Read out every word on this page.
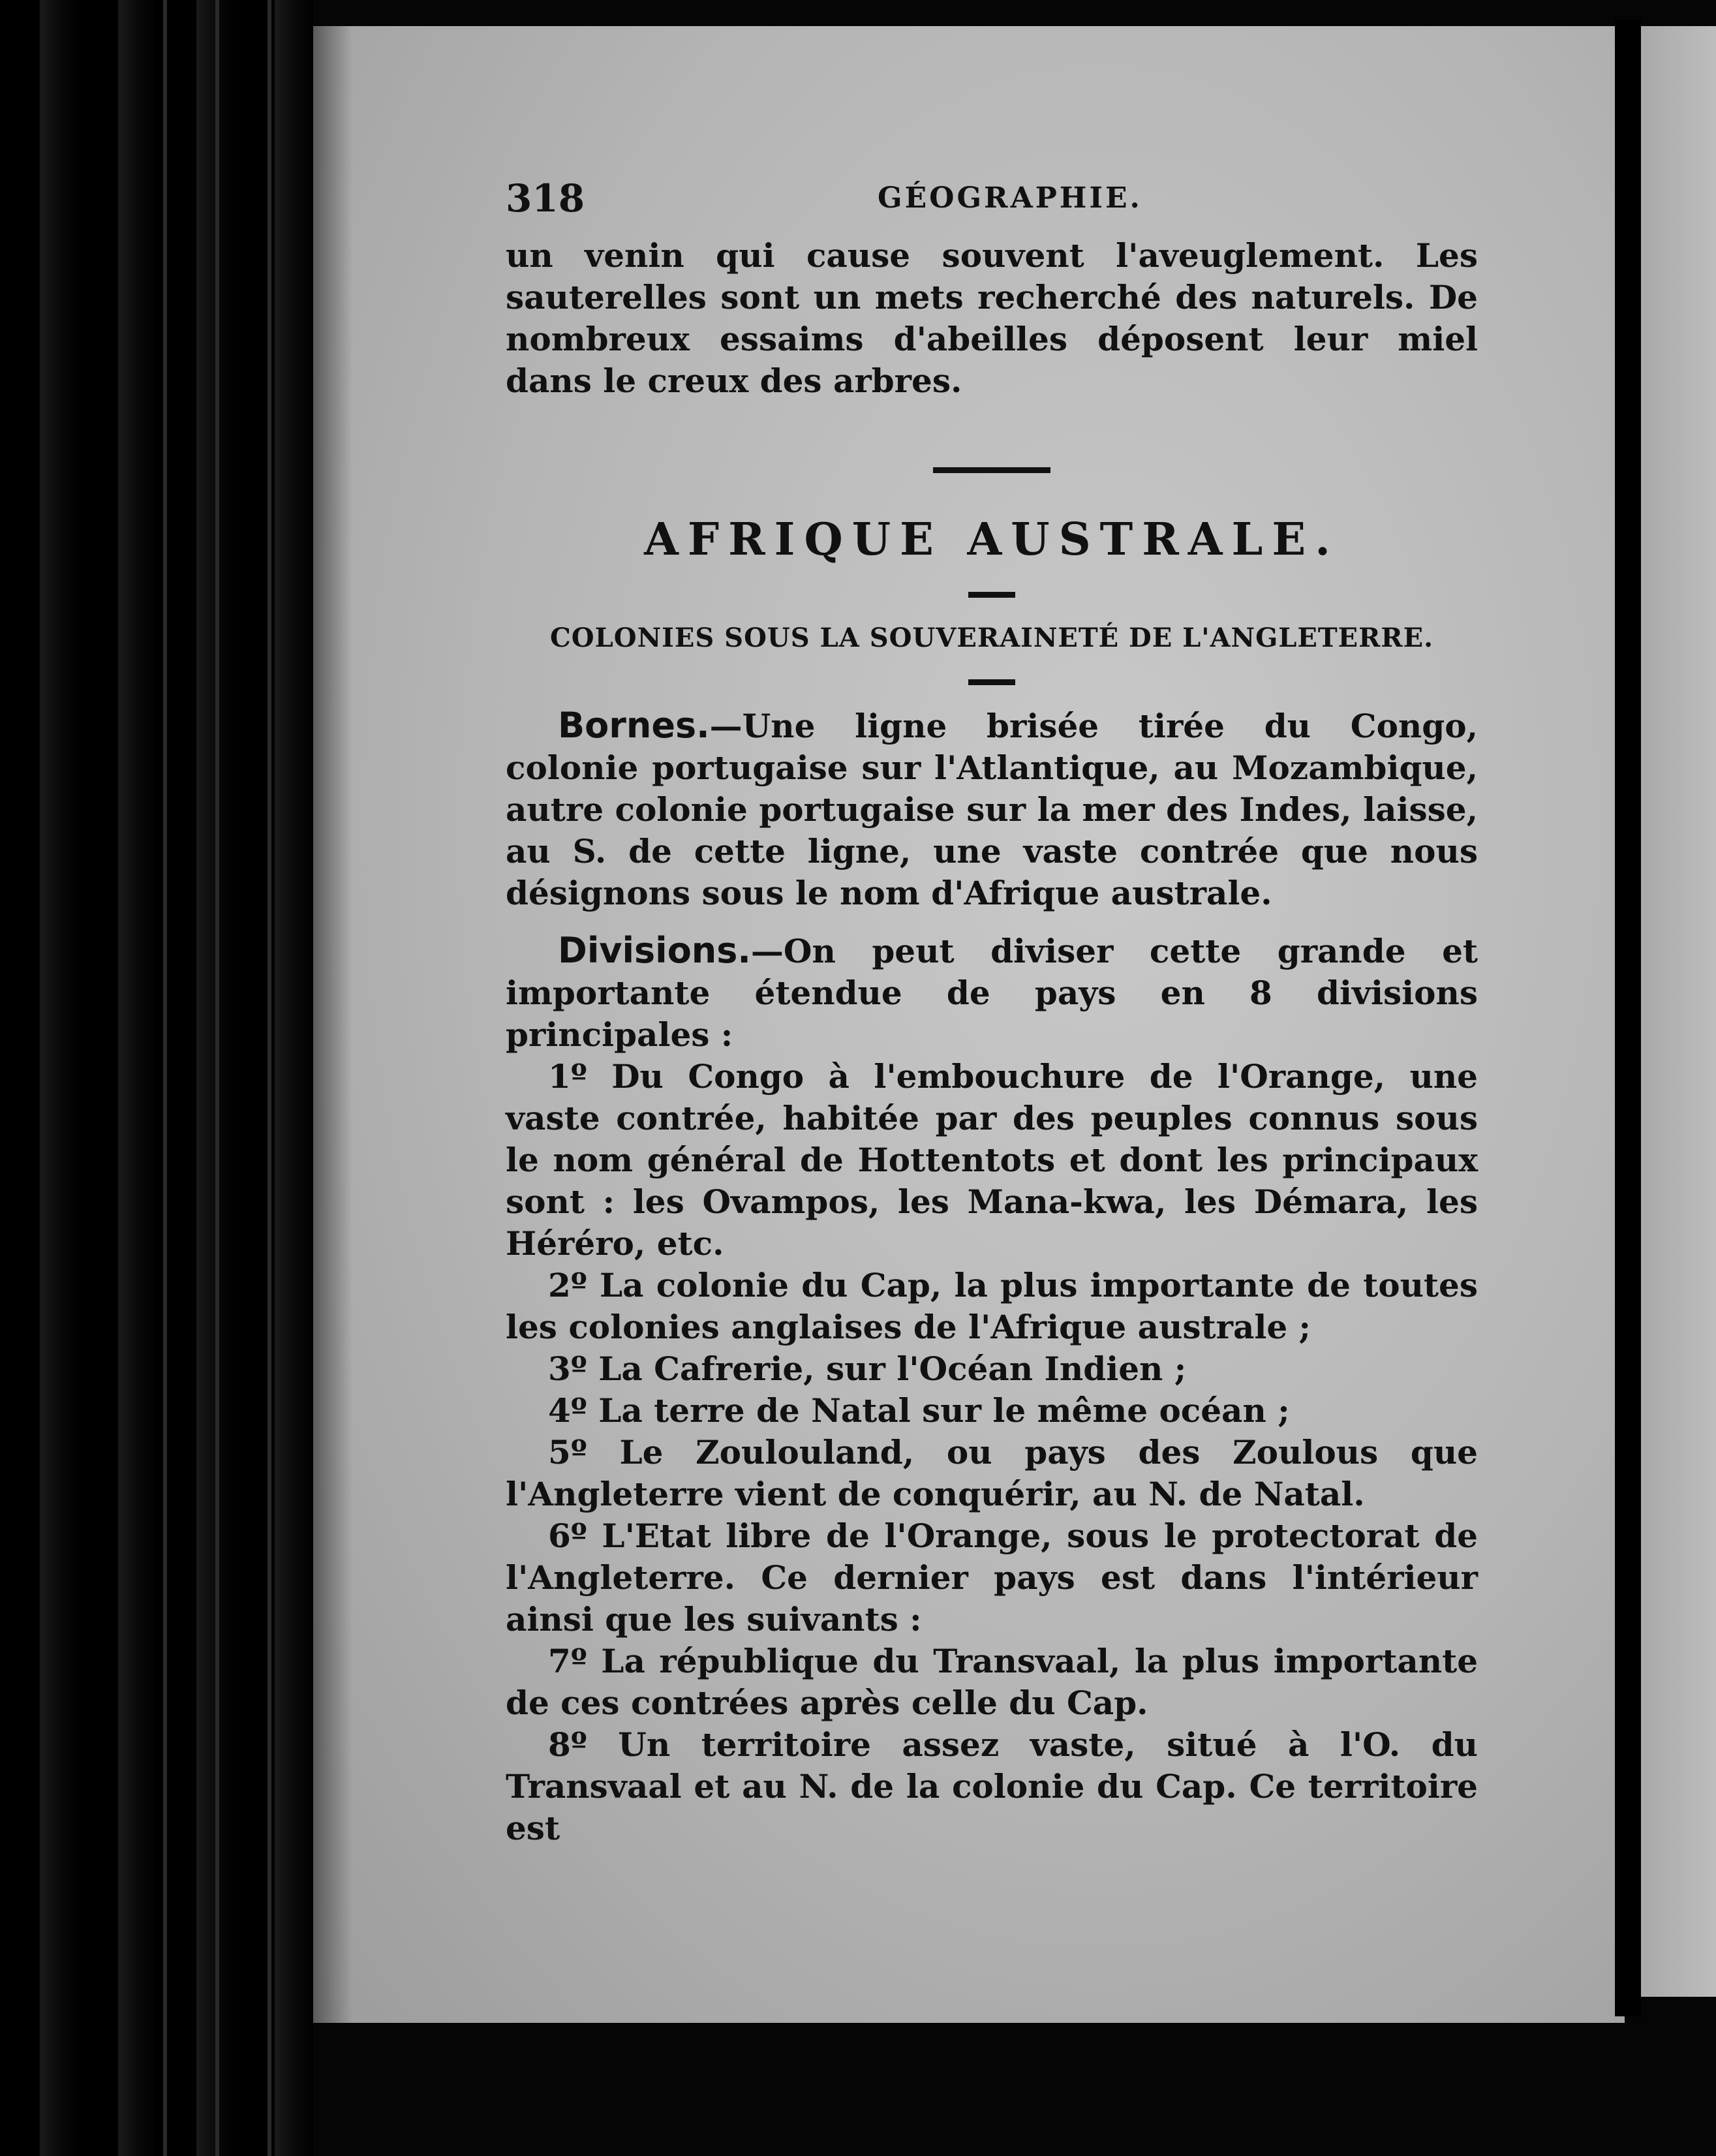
318	GÉOGRAPHIE.

un venin qui cause souvent l'aveuglement. Les sauterelles sont un mets recherché des naturels. De nombreux essaims d'abeilles déposent leur miel dans le creux des arbres.

AFRIQUE AUSTRALE.
COLONIES SOUS LA SOUVERAINETÉ DE L'ANGLETERRE.

Bornes.—Une ligne brisée tirée du Congo, colonie portugaise sur l'Atlantique, au Mozambique, autre colonie portugaise sur la mer des Indes, laisse, au S. de cette ligne, une vaste contrée que nous désignons sous le nom d'Afrique australe.

Divisions.—On peut diviser cette grande et importante étendue de pays en 8 divisions principales :

1º Du Congo à l'embouchure de l'Orange, une vaste contrée, habitée par des peuples connus sous le nom général de Hottentots et dont les principaux sont : les Ovampos, les Mana-kwa, les Démara, les Héréro, etc.

2º La colonie du Cap, la plus importante de toutes les colonies anglaises de l'Afrique australe ;

3º La Cafrerie, sur l'Océan Indien ;

4º La terre de Natal sur le même océan ;

5º Le Zoulouland, ou pays des Zoulous que l'Angleterre vient de conquérir, au N. de Natal.

6º L'Etat libre de l'Orange, sous le protectorat de l'Angleterre. Ce dernier pays est dans l'intérieur ainsi que les suivants :

7º La république du Transvaal, la plus importante de ces contrées après celle du Cap.

8º Un territoire assez vaste, situé à l'O. du Transvaal et au N. de la colonie du Cap. Ce territoire est
